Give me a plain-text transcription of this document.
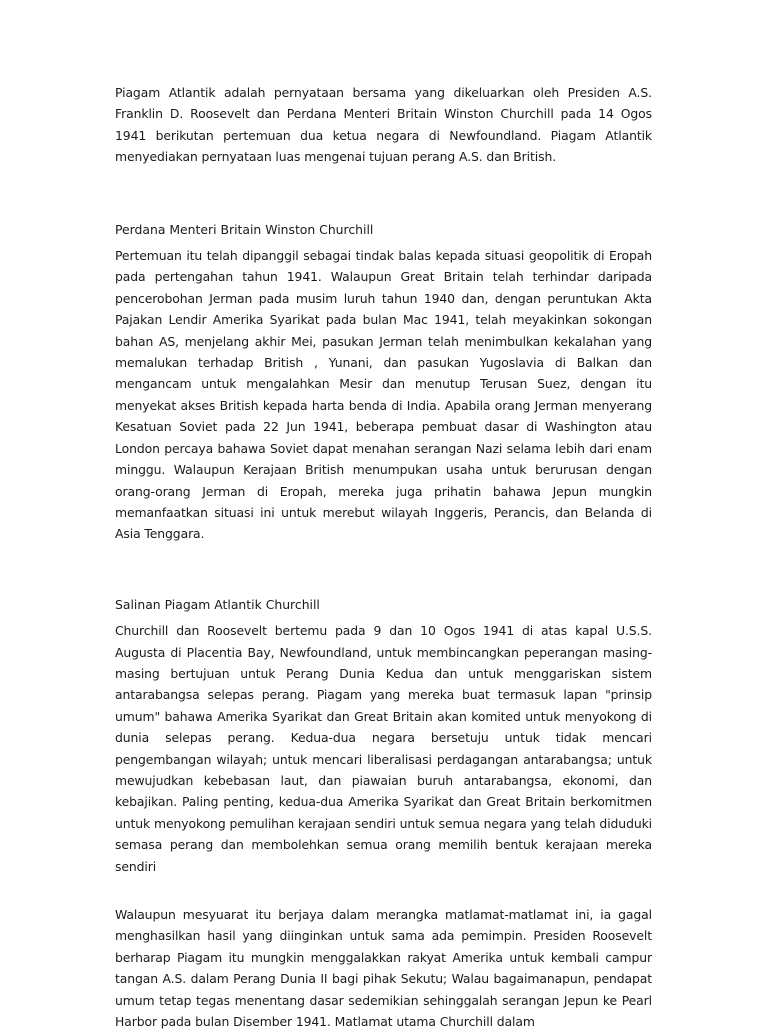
Piagam Atlantik adalah pernyataan bersama yang dikeluarkan oleh Presiden A.S. Franklin D. Roosevelt dan Perdana Menteri Britain Winston Churchill pada 14 Ogos 1941 berikutan pertemuan dua ketua negara di Newfoundland. Piagam Atlantik menyediakan pernyataan luas mengenai tujuan perang A.S. dan British.

Perdana Menteri Britain Winston Churchill

Pertemuan itu telah dipanggil sebagai tindak balas kepada situasi geopolitik di Eropah pada pertengahan tahun 1941. Walaupun Great Britain telah terhindar daripada pencerobohan Jerman pada musim luruh tahun 1940 dan, dengan peruntukan Akta Pajakan Lendir Amerika Syarikat pada bulan Mac 1941, telah meyakinkan sokongan bahan AS, menjelang akhir Mei, pasukan Jerman telah menimbulkan kekalahan yang memalukan terhadap British , Yunani, dan pasukan Yugoslavia di Balkan dan mengancam untuk mengalahkan Mesir dan menutup Terusan Suez, dengan itu menyekat akses British kepada harta benda di India. Apabila orang Jerman menyerang Kesatuan Soviet pada 22 Jun 1941, beberapa pembuat dasar di Washington atau London percaya bahawa Soviet dapat menahan serangan Nazi selama lebih dari enam minggu. Walaupun Kerajaan British menumpukan usaha untuk berurusan dengan orang-orang Jerman di Eropah, mereka juga prihatin bahawa Jepun mungkin memanfaatkan situasi ini untuk merebut wilayah Inggeris, Perancis, dan Belanda di Asia Tenggara.

Salinan Piagam Atlantik Churchill

Churchill dan Roosevelt bertemu pada 9 dan 10 Ogos 1941 di atas kapal U.S.S. Augusta di Placentia Bay, Newfoundland, untuk membincangkan peperangan masing-masing bertujuan untuk Perang Dunia Kedua dan untuk menggariskan sistem antarabangsa selepas perang. Piagam yang mereka buat termasuk lapan "prinsip umum" bahawa Amerika Syarikat dan Great Britain akan komited untuk menyokong di dunia selepas perang. Kedua-dua negara bersetuju untuk tidak mencari pengembangan wilayah; untuk mencari liberalisasi perdagangan antarabangsa; untuk mewujudkan kebebasan laut, dan piawaian buruh antarabangsa, ekonomi, dan kebajikan. Paling penting, kedua-dua Amerika Syarikat dan Great Britain berkomitmen untuk menyokong pemulihan kerajaan sendiri untuk semua negara yang telah diduduki semasa perang dan membolehkan semua orang memilih bentuk kerajaan mereka sendiri

Walaupun mesyuarat itu berjaya dalam merangka matlamat-matlamat ini, ia gagal menghasilkan hasil yang diinginkan untuk sama ada pemimpin. Presiden Roosevelt berharap Piagam itu mungkin menggalakkan rakyat Amerika untuk kembali campur tangan A.S. dalam Perang Dunia II bagi pihak Sekutu; Walau bagaimanapun, pendapat umum tetap tegas menentang dasar sedemikian sehinggalah serangan Jepun ke Pearl Harbor pada bulan Disember 1941. Matlamat utama Churchill dalam
